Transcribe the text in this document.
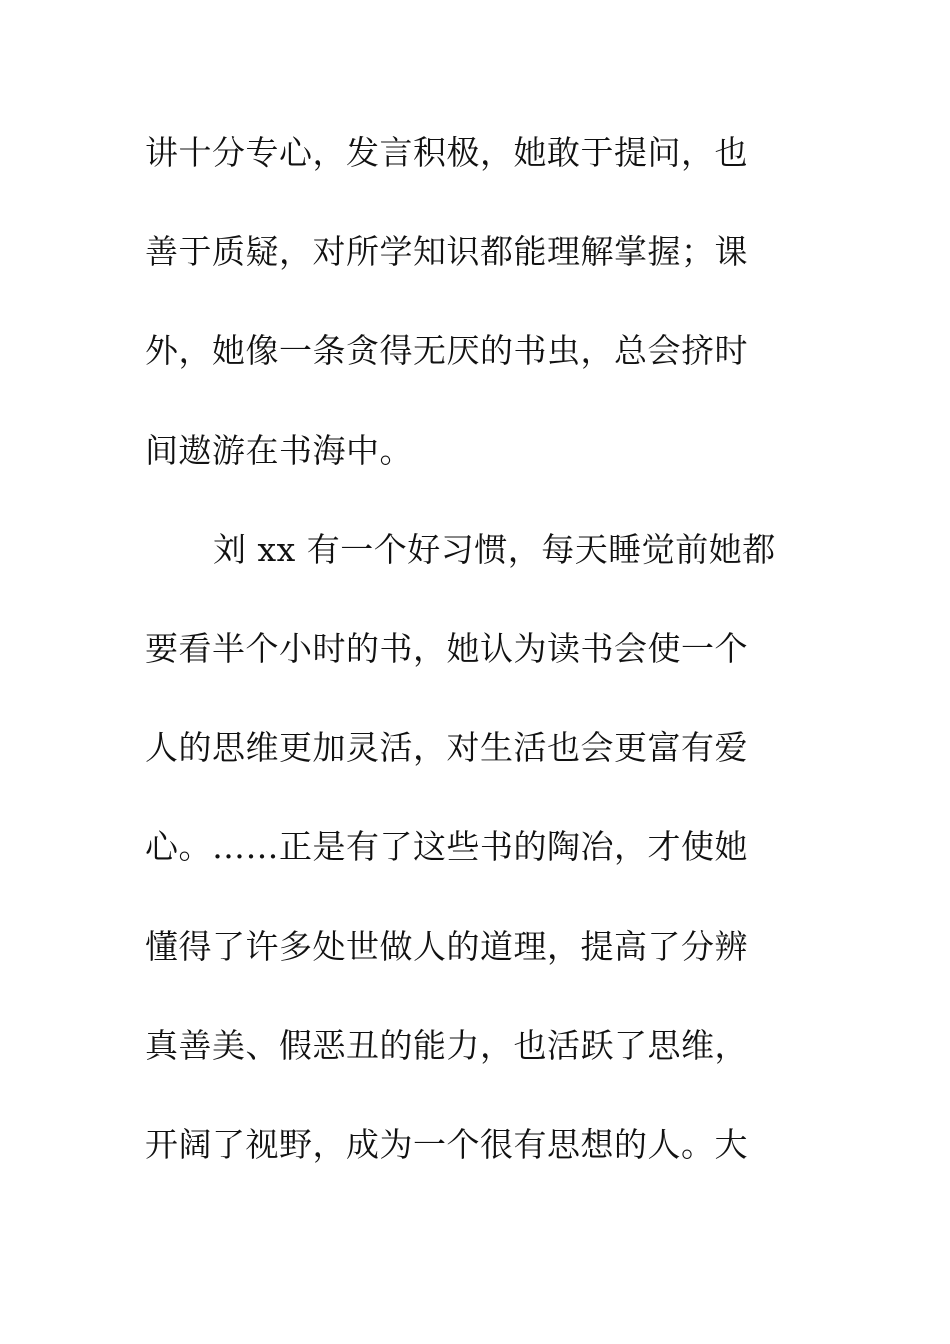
讲十分专心，发言积极，她敢于提问，也
善于质疑，对所学知识都能理解掌握；课
外，她像一条贪得无厌的书虫，总会挤时
间遨游在书海中。
刘 xx 有一个好习惯，每天睡觉前她都
要看半个小时的书，她认为读书会使一个
人的思维更加灵活，对生活也会更富有爱
心。……正是有了这些书的陶冶，才使她
懂得了许多处世做人的道理，提高了分辨
真善美、假恶丑的能力，也活跃了思维，
开阔了视野，成为一个很有思想的人。大
